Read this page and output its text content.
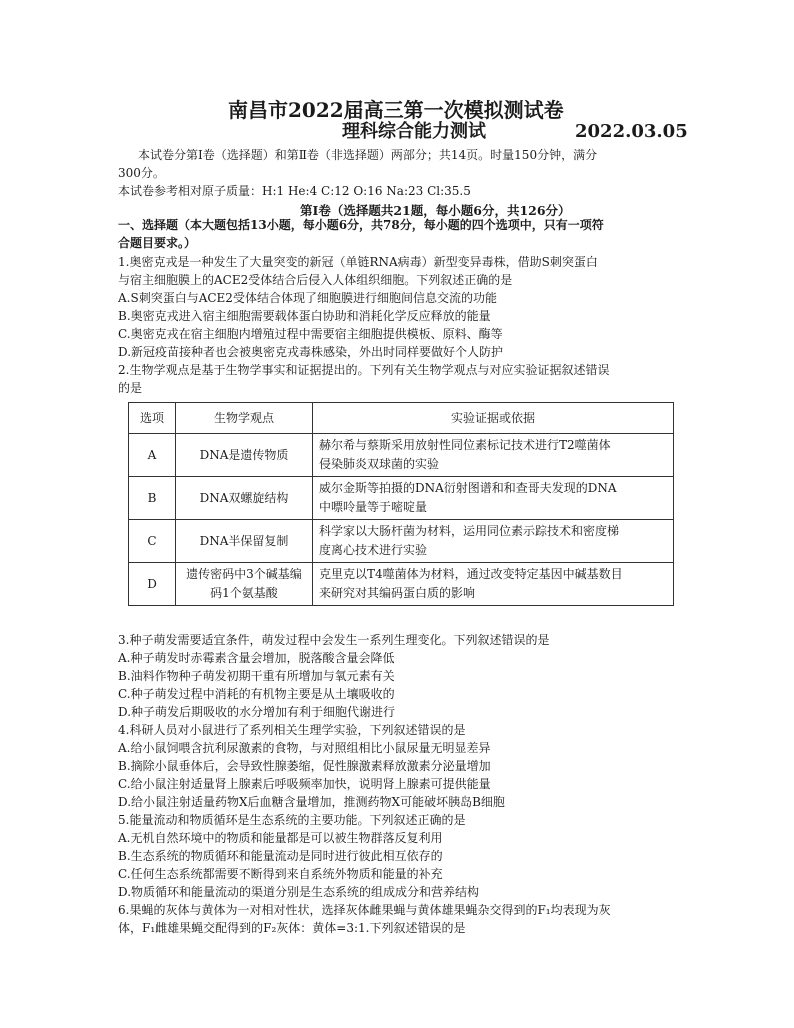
南昌市2022届高三第一次模拟测试卷
理科综合能力测试	2022.03.05
本试卷分第Ⅰ卷（选择题）和第Ⅱ卷（非选择题）两部分；共14页。时量150分钟，满分
300分。
本试卷参考相对原子质量：H:1 He:4 C:12 O:16 Na:23 Cl:35.5
第Ⅰ卷（选择题共21题，每小题6分，共126分）
一、选择题（本大题包括13小题，每小题6分，共78分，每小题的四个选项中，只有一项符
合题目要求。）
1.奥密克戎是一种发生了大量突变的新冠（单链RNA病毒）新型变异毒株，借助S刺突蛋白
与宿主细胞膜上的ACE2受体结合后侵入人体组织细胞。下列叙述正确的是
A.S刺突蛋白与ACE2受体结合体现了细胞膜进行细胞间信息交流的功能
B.奥密克戎进入宿主细胞需要载体蛋白协助和消耗化学反应释放的能量
C.奥密克戎在宿主细胞内增殖过程中需要宿主细胞提供模板、原料、酶等
D.新冠疫苗接种者也会被奥密克戎毒株感染，外出时同样要做好个人防护
2.生物学观点是基于生物学事实和证据提出的。下列有关生物学观点与对应实验证据叙述错误
的是
选项	生物学观点	实验证据或依据
A	DNA是遗传物质	赫尔希与蔡斯采用放射性同位素标记技术进行T2噬菌体
侵染肺炎双球菌的实验

B	DNA双螺旋结构	威尔金斯等拍摄的DNA衍射图谱和和查哥夫发现的DNA
中嘌呤量等于嘧啶量

C	DNA半保留复制	科学家以大肠杆菌为材料，运用同位素示踪技术和密度梯
度离心技术进行实验

D	遗传密码中3个碱基编码1个氨基酸	克里克以T4噬菌体为材料，通过改变特定基因中碱基数目
来研究对其编码蛋白质的影响
3.种子萌发需要适宜条件，萌发过程中会发生一系列生理变化。下列叙述错误的是
A.种子萌发时赤霉素含量会增加，脱落酸含量会降低
B.油料作物种子萌发初期干重有所增加与氧元素有关
C.种子萌发过程中消耗的有机物主要是从土壤吸收的
D.种子萌发后期吸收的水分增加有利于细胞代谢进行
4.科研人员对小鼠进行了系列相关生理学实验，下列叙述错误的是
A.给小鼠饲喂含抗利尿激素的食物，与对照组相比小鼠尿量无明显差异
B.摘除小鼠垂体后，会导致性腺萎缩，促性腺激素释放激素分泌量增加
C.给小鼠注射适量肾上腺素后呼吸频率加快，说明肾上腺素可提供能量
D.给小鼠注射适量药物X后血糖含量增加，推测药物X可能破坏胰岛B细胞
5.能量流动和物质循环是生态系统的主要功能。下列叙述正确的是
A.无机自然环境中的物质和能量都是可以被生物群落反复利用
B.生态系统的物质循环和能量流动是同时进行彼此相互依存的
C.任何生态系统都需要不断得到来自系统外物质和能量的补充
D.物质循环和能量流动的渠道分别是生态系统的组成成分和营养结构
6.果蝇的灰体与黄体为一对相对性状，选择灰体雌果蝇与黄体雄果蝇杂交得到的F₁均表现为灰
体，F₁雌雄果蝇交配得到的F₂灰体：黄体=3:1.下列叙述错误的是
